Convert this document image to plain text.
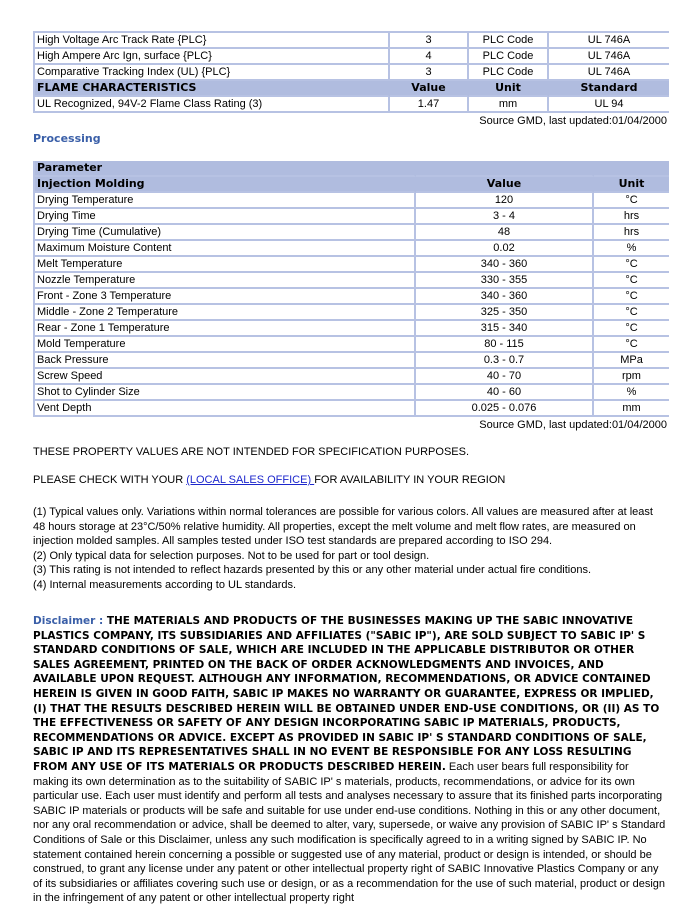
High Voltage Arc Track Rate {PLC}	3	PLC Code	UL 746A
High Ampere Arc Ign, surface {PLC}	4	PLC Code	UL 746A
Comparative Tracking Index (UL) {PLC}	3	PLC Code	UL 746A
FLAME CHARACTERISTICS	Value	Unit	Standard
UL Recognized, 94V-2 Flame Class Rating (3)	1.47	mm	UL 94
Source GMD, last updated:01/04/2000
Processing
Parameter		
Injection Molding	Value	Unit
Drying Temperature	120	°C
Drying Time	3 - 4	hrs
Drying Time (Cumulative)	48	hrs
Maximum Moisture Content	0.02	%
Melt Temperature	340 - 360	°C
Nozzle Temperature	330 - 355	°C
Front - Zone 3 Temperature	340 - 360	°C
Middle - Zone 2 Temperature	325 - 350	°C
Rear - Zone 1 Temperature	315 - 340	°C
Mold Temperature	80 - 115	°C
Back Pressure	0.3 - 0.7	MPa
Screw Speed	40 - 70	rpm
Shot to Cylinder Size	40 - 60	%
Vent Depth	0.025 - 0.076	mm
Source GMD, last updated:01/04/2000

THESE PROPERTY VALUES ARE NOT INTENDED FOR SPECIFICATION PURPOSES.

PLEASE CHECK WITH YOUR (LOCAL SALES OFFICE) FOR AVAILABILITY IN YOUR REGION

(1) Typical values only. Variations within normal tolerances are possible for various colors. All values are measured after at least 48 hours storage at 23°C/50% relative humidity. All properties, except the melt volume and melt flow rates, are measured on injection molded samples. All samples tested under ISO test standards are prepared according to ISO 294.
(2) Only typical data for selection purposes. Not to be used for part or tool design.
(3) This rating is not intended to reflect hazards presented by this or any other material under actual fire conditions.
(4) Internal measurements according to UL standards.
Disclaimer : THE MATERIALS AND PRODUCTS OF THE BUSINESSES MAKING UP THE SABIC INNOVATIVE PLASTICS COMPANY, ITS SUBSIDIARIES AND AFFILIATES ("SABIC IP"), ARE SOLD SUBJECT TO SABIC IP' S STANDARD CONDITIONS OF SALE, WHICH ARE INCLUDED IN THE APPLICABLE DISTRIBUTOR OR OTHER SALES AGREEMENT, PRINTED ON THE BACK OF ORDER ACKNOWLEDGMENTS AND INVOICES, AND AVAILABLE UPON REQUEST. ALTHOUGH ANY INFORMATION, RECOMMENDATIONS, OR ADVICE CONTAINED HEREIN IS GIVEN IN GOOD FAITH, SABIC IP MAKES NO WARRANTY OR GUARANTEE, EXPRESS OR IMPLIED, (I) THAT THE RESULTS DESCRIBED HEREIN WILL BE OBTAINED UNDER END-USE CONDITIONS, OR (II) AS TO THE EFFECTIVENESS OR SAFETY OF ANY DESIGN INCORPORATING SABIC IP MATERIALS, PRODUCTS, RECOMMENDATIONS OR ADVICE. EXCEPT AS PROVIDED IN SABIC IP' S STANDARD CONDITIONS OF SALE, SABIC IP AND ITS REPRESENTATIVES SHALL IN NO EVENT BE RESPONSIBLE FOR ANY LOSS RESULTING FROM ANY USE OF ITS MATERIALS OR PRODUCTS DESCRIBED HEREIN. Each user bears full responsibility for making its own determination as to the suitability of SABIC IP' s materials, products, recommendations, or advice for its own particular use. Each user must identify and perform all tests and analyses necessary to assure that its finished parts incorporating SABIC IP materials or products will be safe and suitable for use under end-use conditions. Nothing in this or any other document, nor any oral recommendation or advice, shall be deemed to alter, vary, supersede, or waive any provision of SABIC IP' s Standard Conditions of Sale or this Disclaimer, unless any such modification is specifically agreed to in a writing signed by SABIC IP. No statement contained herein concerning a possible or suggested use of any material, product or design is intended, or should be construed, to grant any license under any patent or other intellectual property right of SABIC Innovative Plastics Company or any of its subsidiaries or affiliates covering such use or design, or as a recommendation for the use of such material, product or design in the infringement of any patent or other intellectual property right
